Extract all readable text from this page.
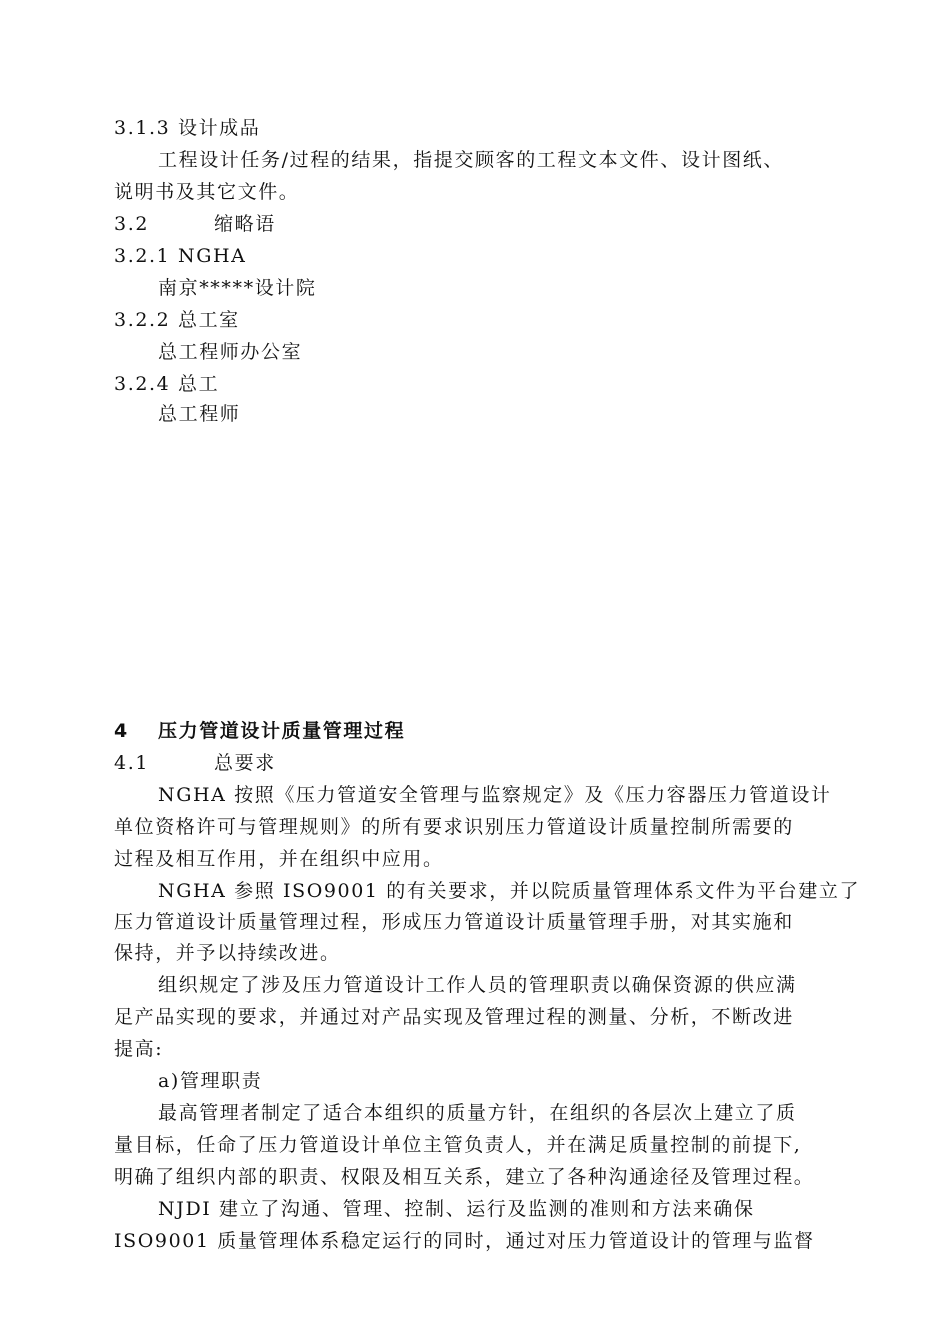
3.1.3 设计成品
工程设计任务/过程的结果，指提交顾客的工程文本文件、设计图纸、
说明书及其它文件。
3.2	缩略语
3.2.1 NGHA
南京*****设计院
3.2.2 总工室
总工程师办公室
3.2.4 总工
总工程师
4 压力管道设计质量管理过程
4.1	总要求
NGHA 按照《压力管道安全管理与监察规定》及《压力容器压力管道设计
单位资格许可与管理规则》的所有要求识别压力管道设计质量控制所需要的
过程及相互作用，并在组织中应用。
NGHA 参照 ISO9001 的有关要求，并以院质量管理体系文件为平台建立了
压力管道设计质量管理过程，形成压力管道设计质量管理手册，对其实施和
保持，并予以持续改进。
组织规定了涉及压力管道设计工作人员的管理职责以确保资源的供应满
足产品实现的要求，并通过对产品实现及管理过程的测量、分析，不断改进
提高:
a)管理职责
最高管理者制定了适合本组织的质量方针，在组织的各层次上建立了质
量目标，任命了压力管道设计单位主管负责人，并在满足质量控制的前提下,
明确了组织内部的职责、权限及相互关系，建立了各种沟通途径及管理过程。
NJDI 建立了沟通、管理、控制、运行及监测的准则和方法来确保
ISO9001 质量管理体系稳定运行的同时，通过对压力管道设计的管理与监督
